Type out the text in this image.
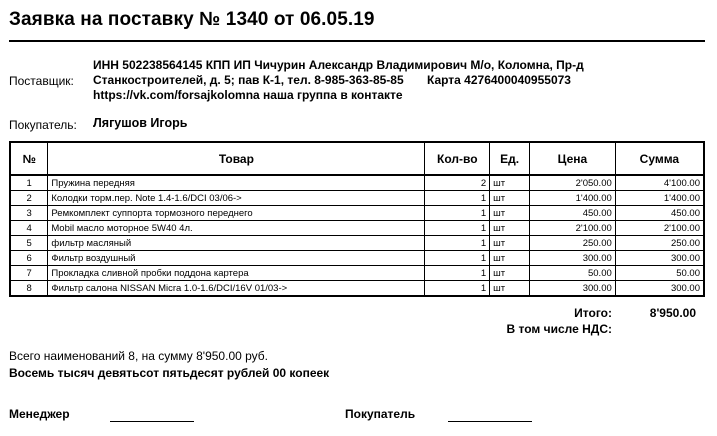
Заявка на поставку № 1340 от 06.05.19
Поставщик:
ИНН 502238564145 КПП ИП Чичурин Александр Владимирович М/о, Коломна, Пр-д
Станкостроителей, д. 5; пав К-1, тел. 8-985-363-85-85 Карта 4276400040955073
https://vk.com/forsajkolomna наша группа в контакте
Покупатель: Лягушов Игорь
№	Товар	Кол-во	Ед.	Цена	Сумма
1	Пружина передняя	2	шт	2'050.00	4'100.00
2	Колодки торм.пер. Note 1.4-1.6/DCI 03/06->	1	шт	1'400.00	1'400.00
3	Ремкомплект суппорта тормозного переднего	1	шт	450.00	450.00
4	Mobil масло моторное 5W40 4л.	1	шт	2'100.00	2'100.00
5	фильтр масляный	1	шт	250.00	250.00
6	Фильтр воздушный	1	шт	300.00	300.00
7	Прокладка сливной пробки поддона картера	1	шт	50.00	50.00
8	Фильтр салона NISSAN Micra 1.0-1.6/DCI/16V 01/03->	1	шт	300.00	300.00
Итого:	8'950.00
В том числе НДС:
Всего наименований 8, на сумму 8'950.00 руб.
Восемь тысяч девятьсот пятьдесят рублей 00 копеек
Менеджер	Покупатель
